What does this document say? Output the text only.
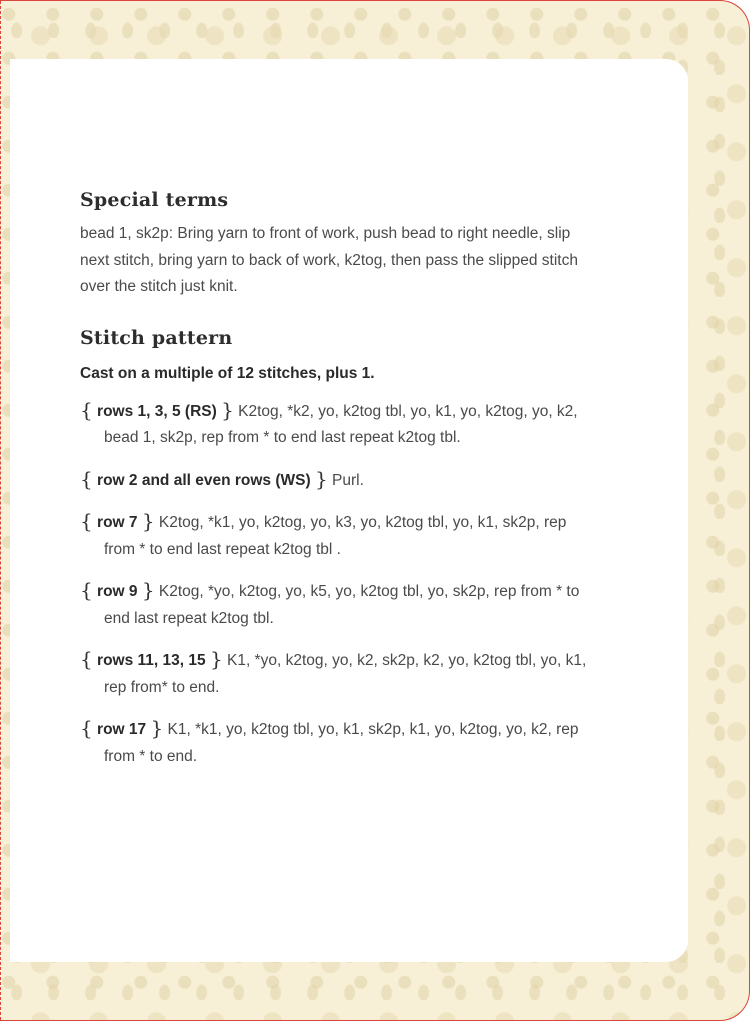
Special terms

bead 1, sk2p: Bring yarn to front of work, push bead to right needle, slip next stitch, bring yarn to back of work, k2tog, then pass the slipped stitch over the stitch just knit.

Stitch pattern

Cast on a multiple of 12 stitches, plus 1.

{ rows 1, 3, 5 (RS) } K2tog, *k2, yo, k2tog tbl, yo, k1, yo, k2tog, yo, k2, bead 1, sk2p, rep from * to end last repeat k2tog tbl.
{ row 2 and all even rows (WS) } Purl.
{ row 7 } K2tog, *k1, yo, k2tog, yo, k3, yo, k2tog tbl, yo, k1, sk2p, rep from * to end last repeat k2tog tbl .
{ row 9 } K2tog, *yo, k2tog, yo, k5, yo, k2tog tbl, yo, sk2p, rep from * to end last repeat k2tog tbl.
{ rows 11, 13, 15 } K1, *yo, k2tog, yo, k2, sk2p, k2, yo, k2tog tbl, yo, k1, rep from* to end.
{ row 17 } K1, *k1, yo, k2tog tbl, yo, k1, sk2p, k1, yo, k2tog, yo, k2, rep from * to end.
